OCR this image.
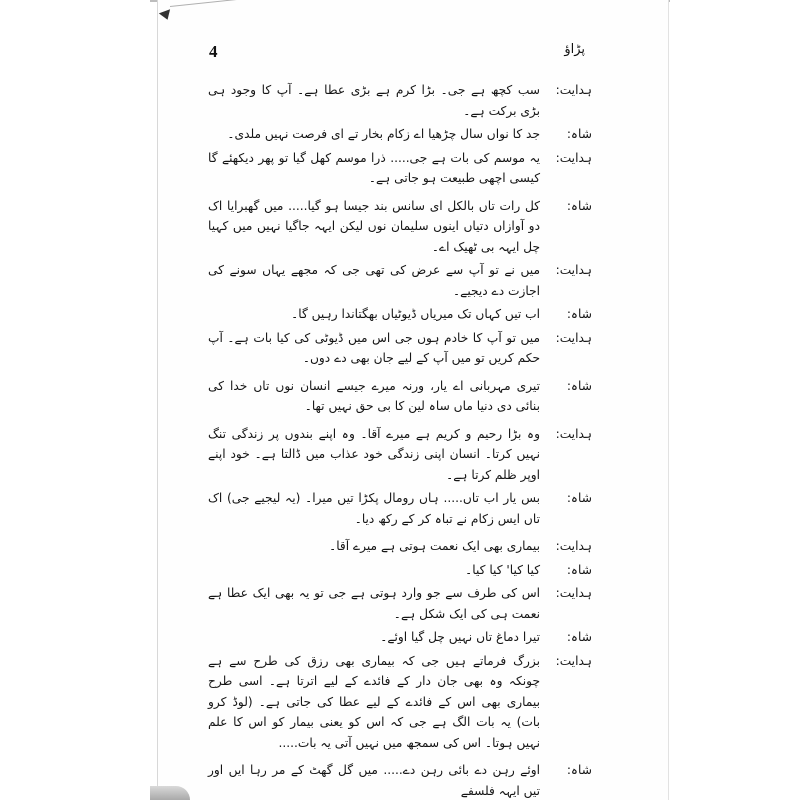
4	پڑاؤ
ہدایت:
سب کچھ ہے جی۔ بڑا کرم ہے بڑی عطا ہے۔ آپ کا وجود ہی بڑی برکت ہے۔
شاہ:
جد کا نواں سال چڑھیا اے زکام بخار تے ای فرصت نہیں ملدی۔
ہدایت:
یہ موسم کی بات ہے جی..... ذرا موسم کھل گیا تو پھر دیکھئے گا کیسی اچھی طبیعت ہو جاتی ہے۔
شاہ:
کل رات تاں بالکل ای سانس بند جیسا ہو گیا..... میں گھبرایا اک دو آوازاں دتیاں اینوں سلیمان نوں لیکن ایہہ جاگیا نہیں میں کہیا چل ایہہ بی ٹھیک اے۔
ہدایت:
میں نے تو آپ سے عرض کی تھی جی کہ مجھے یہاں سونے کی اجازت دے دیجیے۔
شاہ:
اب تیں کہاں تک میریاں ڈیوٹیاں بھگتاندا رہیں گا۔
ہدایت:
میں تو آپ کا خادم ہوں جی اس میں ڈیوٹی کی کیا بات ہے۔ آپ حکم کریں تو میں آپ کے لیے جان بھی دے دوں۔
شاہ:
تیری مہربانی اے یار، ورنہ میرے جیسے انسان نوں تاں خدا کی بنائی دی دنیا ماں ساہ لین کا بی حق نہیں تھا۔
ہدایت:
وہ بڑا رحیم و کریم ہے میرے آقا۔ وہ اپنے بندوں پر زندگی تنگ نہیں کرتا۔ انسان اپنی زندگی خود عذاب میں ڈالتا ہے۔ خود اپنے اوپر ظلم کرتا ہے۔
شاہ:
بس یار اب تاں..... ہاں رومال پکڑا تیں میرا۔ (یہ لیجیے جی) اک تاں ایس زکام نے تباہ کر کے رکھ دیا۔
ہدایت:
بیماری بھی ایک نعمت ہوتی ہے میرے آقا۔
شاہ:
کیا کیا' کیا کیا۔
ہدایت:
اس کی طرف سے جو وارد ہوتی ہے جی تو یہ بھی ایک عطا ہے نعمت ہی کی ایک شکل ہے۔
شاہ:
تیرا دماغ تاں نہیں چل گیا اوئے۔
ہدایت:
بزرگ فرماتے ہیں جی کہ بیماری بھی رزق کی طرح سے ہے چونکہ وہ بھی جان دار کے فائدے کے لیے اترتا ہے۔ اسی طرح بیماری بھی اس کے فائدے کے لیے عطا کی جاتی ہے۔ (لوڈ کرو بات) یہ بات الگ ہے جی کہ اس کو یعنی بیمار کو اس کا علم نہیں ہوتا۔ اس کی سمجھ میں نہیں آتی یہ بات.....
شاہ:
اوئے رہن دے بائی رہن دے..... میں گل گھٹ کے مر رہا ایں اور تیں ایہہ فلسفے
